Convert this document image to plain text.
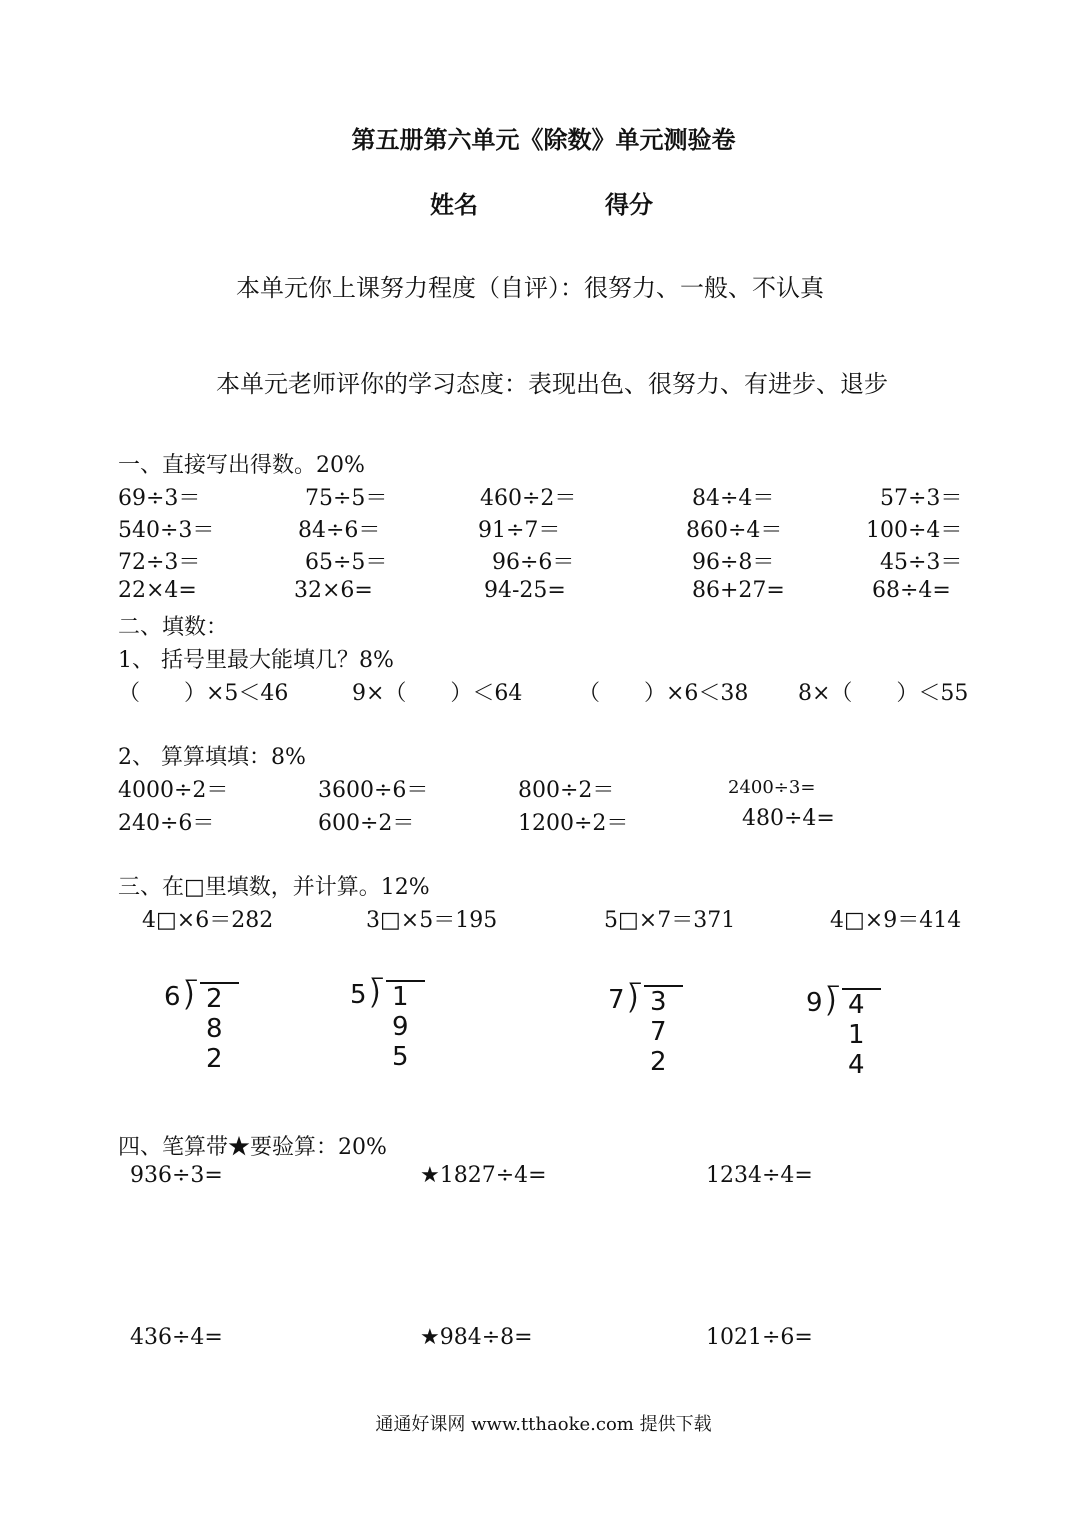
第五册第六单元《除数》单元测验卷
姓名	得分
本单元你上课努力程度（自评）：很努力、一般、不认真
本单元老师评你的学习态度：表现出色、很努力、有进步、退步
一、直接写出得数。20%
69÷3＝	75÷5＝	460÷2＝	84÷4＝	57÷3＝
540÷3＝	84÷6＝	91÷7＝	860÷4＝	100÷4＝
72÷3＝	65÷5＝	96÷6＝	96÷8＝	45÷3＝
22×4=	32×6=	94-25=	86+27=	68÷4=
二、填数：
1、 括号里最大能填几？8%
（　　）×5＜46	9×（　　）＜64	（　　）×6＜38 8×（　　）＜55
2、 算算填填：8%
4000÷2＝	3600÷6＝	800÷2＝	2400÷3=
240÷6＝	600÷2＝	1200÷2＝	480÷4=
三、在□里填数，并计算。12%
4□×6＝282	3□×5＝195	5□×7＝371	4□×9＝414
6 ⟌ 2 8 2
5 ⟌ 1 9 5
7 ⟌ 3 7 2
9 ⟌ 4 1 4
四、笔算带★要验算：20%
936÷3=	★1827÷4=	1234÷4=
436÷4=	★984÷8=	1021÷6=
通通好课网 www.tthaoke.com 提供下载
